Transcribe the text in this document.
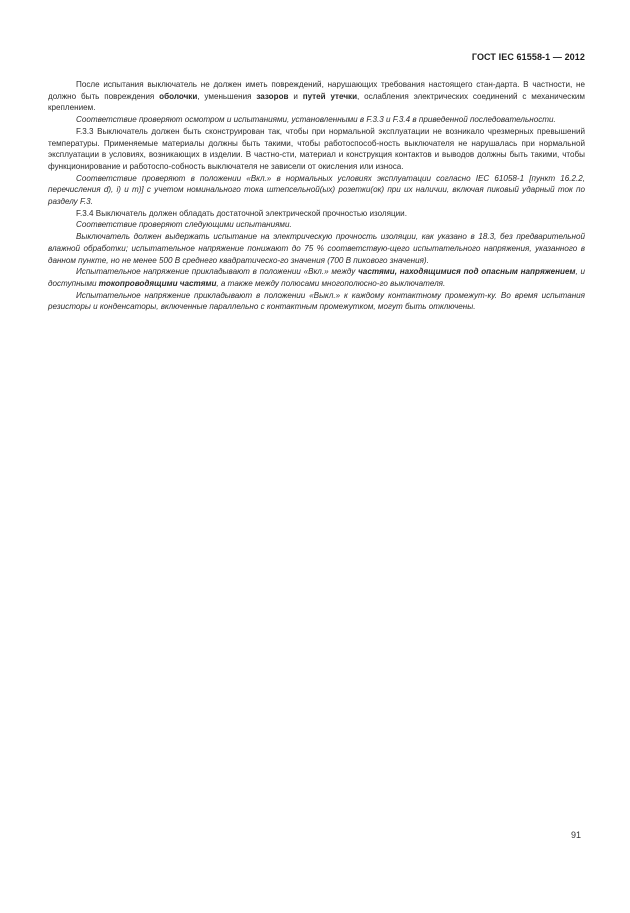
ГОСТ IEC 61558-1 — 2012

После испытания выключатель не должен иметь повреждений, нарушающих требования настоящего стан-дарта. В частности, не должно быть повреждения оболочки, уменьшения зазоров и путей утечки, ослабления электрических соединений с механическим креплением.

Соответствие проверяют осмотром и испытаниями, установленными в F.3.3 и F.3.4 в приведенной последовательности.

F.3.3 Выключатель должен быть сконструирован так, чтобы при нормальной эксплуатации не возникало чрезмерных превышений температуры. Применяемые материалы должны быть такими, чтобы работоспособ-ность выключателя не нарушалась при нормальной эксплуатации в условиях, возникающих в изделии. В частно-сти, материал и конструкция контактов и выводов должны быть такими, чтобы функционирование и работоспо-собность выключателя не зависели от окисления или износа.

Соответствие проверяют в положении «Вкл.» в нормальных условиях эксплуатации согласно IEC 61058-1 [пункт 16.2.2, перечисления d), i) и m)] с учетом номинального тока штепсельной(ых) розетки(ок) при их наличии, включая пиковый ударный ток по разделу F.3.

F.3.4 Выключатель должен обладать достаточной электрической прочностью изоляции.

Соответствие проверяют следующими испытаниями.

Выключатель должен выдержать испытание на электрическую прочность изоляции, как указано в 18.3, без предварительной влажной обработки; испытательное напряжение понижают до 75 % соответствую-щего испытательного напряжения, указанного в данном пункте, но не менее 500 В среднего квадратическо-го значения (700 В пикового значения).

Испытательное напряжение прикладывают в положении «Вкл.» между частями, находящимися под опасным напряжением, и доступными токопроводящими частями, а также между полюсами многополюсно-го выключателя.

Испытательное напряжение прикладывают в положении «Выкл.» к каждому контактному промежут-ку. Во время испытания резисторы и конденсаторы, включенные параллельно с контактным промежутком, могут быть отключены.

91
